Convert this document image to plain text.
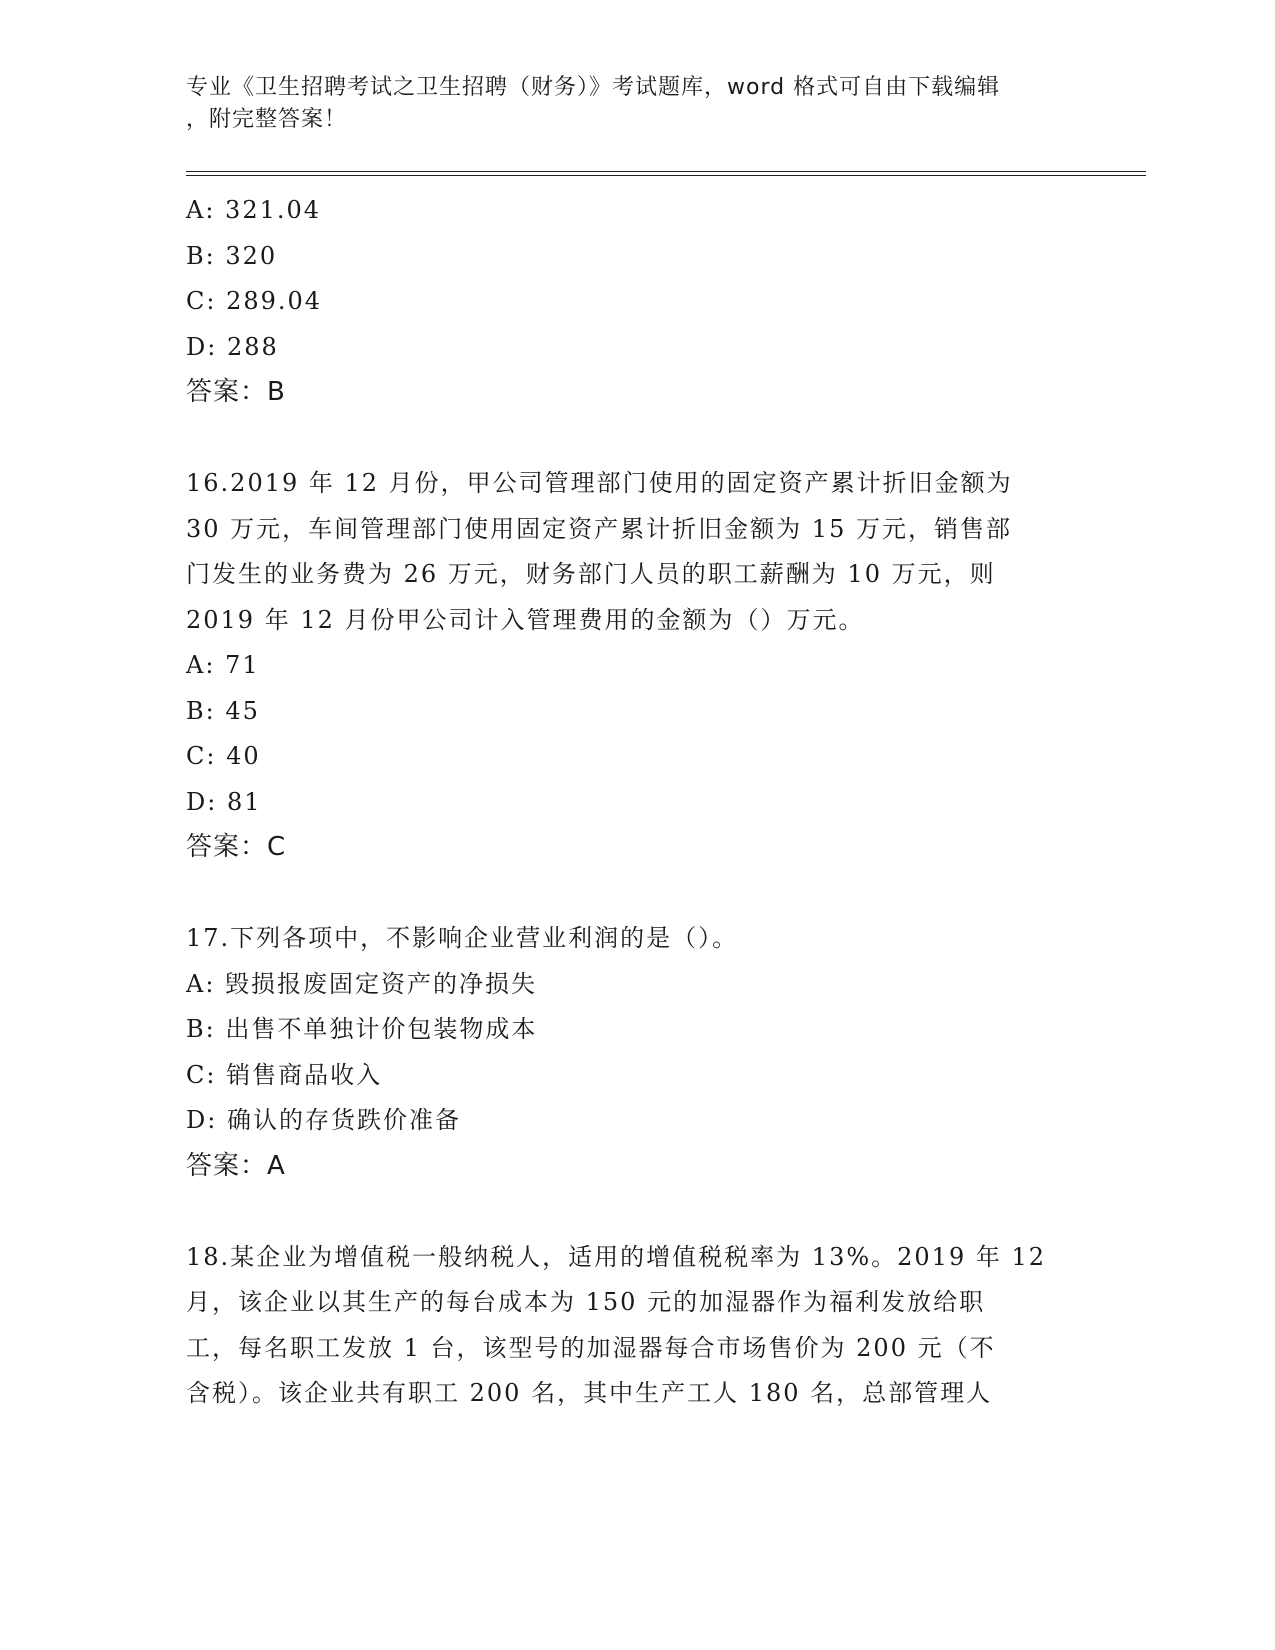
专业《卫生招聘考试之卫生招聘（财务）》考试题库，word 格式可自由下载编辑
，附完整答案！
A: 321.04
B: 320
C: 289.04
D: 288
答案：B
16.2019 年 12 月份，甲公司管理部门使用的固定资产累计折旧金额为
30 万元，车间管理部门使用固定资产累计折旧金额为 15 万元，销售部
门发生的业务费为 26 万元，财务部门人员的职工薪酬为 10 万元，则
2019 年 12 月份甲公司计入管理费用的金额为（）万元。
A: 71
B: 45
C: 40
D: 81
答案：C
17.下列各项中，不影响企业营业利润的是（）。
A: 毁损报废固定资产的净损失
B: 出售不单独计价包装物成本
C: 销售商品收入
D: 确认的存货跌价准备
答案：A
18.某企业为增值税一般纳税人，适用的增值税税率为 13%。2019 年 12
月，该企业以其生产的每台成本为 150 元的加湿器作为福利发放给职
工，每名职工发放 1 台，该型号的加湿器每合市场售价为 200 元（不
含税）。该企业共有职工 200 名，其中生产工人 180 名，总部管理人
